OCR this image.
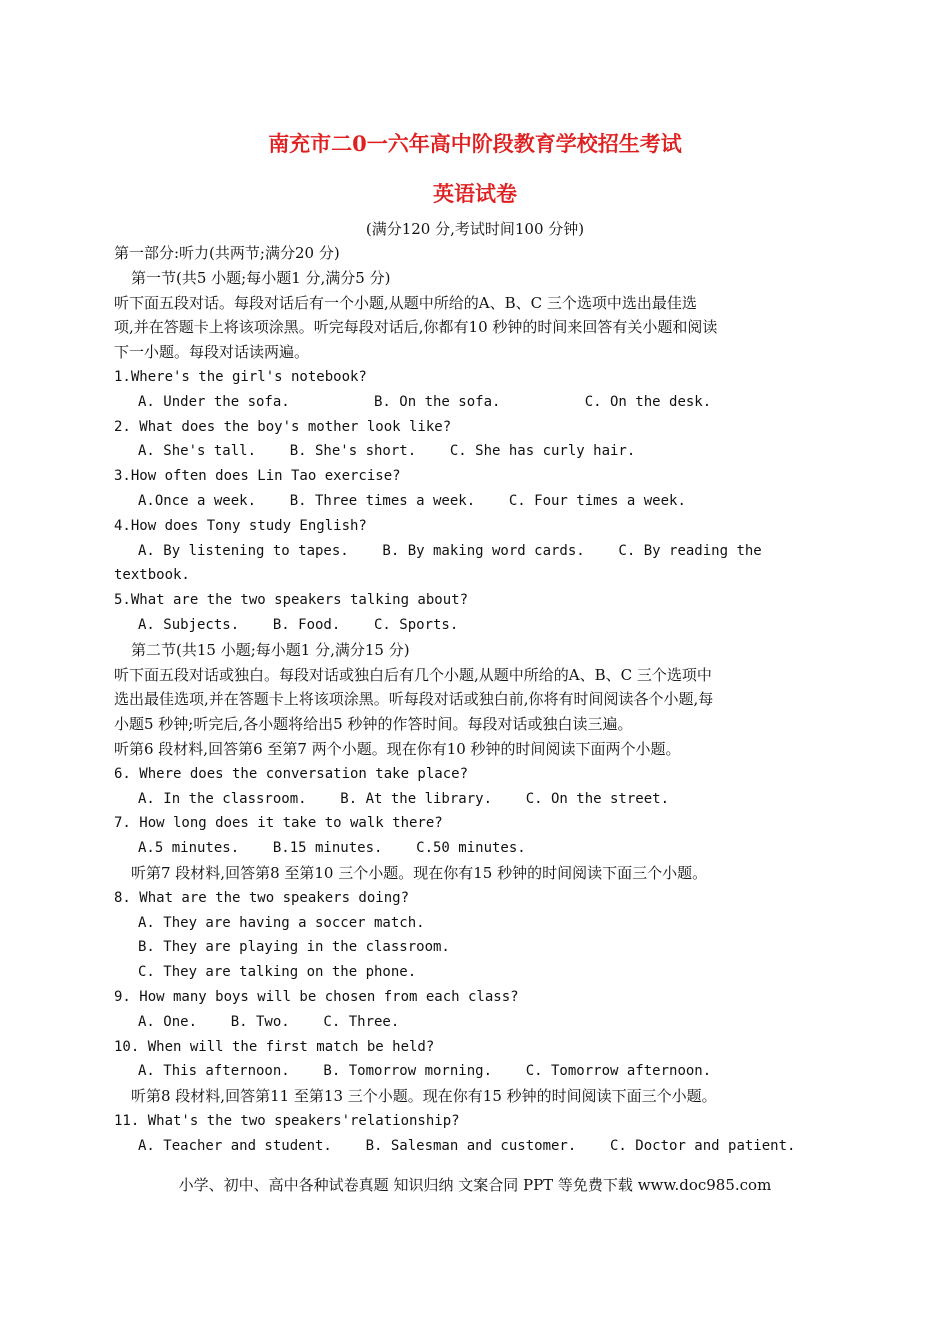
南充市二0一六年高中阶段教育学校招生考试
英语试卷
(满分120 分,考试时间100 分钟)
第一部分:听力(共两节;满分20 分)
第一节(共5 小题;每小题1 分,满分5 分)
听下面五段对话。每段对话后有一个小题,从题中所给的A、B、C 三个选项中选出最佳选
项,并在答题卡上将该项涂黑。听完每段对话后,你都有10 秒钟的时间来回答有关小题和阅读
下一小题。每段对话读两遍。
1.Where's the girl's notebook?
A. Under the sofa.          B. On the sofa.          C. On the desk.
2. What does the boy's mother look like?
A. She's tall.    B. She's short.    C. She has curly hair.
3.How often does Lin Tao exercise?
A.Once a week.    B. Three times a week.    C. Four times a week.
4.How does Tony study English?
A. By listening to tapes.    B. By making word cards.    C. By reading the
textbook.
5.What are the two speakers talking about?
A. Subjects.    B. Food.    C. Sports.
第二节(共15 小题;每小题1 分,满分15 分)
听下面五段对话或独白。每段对话或独白后有几个小题,从题中所给的A、B、C 三个选项中
选出最佳选项,并在答题卡上将该项涂黑。听每段对话或独白前,你将有时间阅读各个小题,每
小题5 秒钟;听完后,各小题将给出5 秒钟的作答时间。每段对话或独白读三遍。
听第6 段材料,回答第6 至第7 两个小题。现在你有10 秒钟的时间阅读下面两个小题。
6. Where does the conversation take place?
A. In the classroom.    B. At the library.    C. On the street.
7. How long does it take to walk there?
A.5 minutes.    B.15 minutes.    C.50 minutes.
听第7 段材料,回答第8 至第10 三个小题。现在你有15 秒钟的时间阅读下面三个小题。
8. What are the two speakers doing?
A. They are having a soccer match.
B. They are playing in the classroom.
C. They are talking on the phone.
9. How many boys will be chosen from each class?
A. One.    B. Two.    C. Three.
10. When will the first match be held?
A. This afternoon.    B. Tomorrow morning.    C. Tomorrow afternoon.
听第8 段材料,回答第11 至第13 三个小题。现在你有15 秒钟的时间阅读下面三个小题。
11. What's the two speakers'relationship?
A. Teacher and student.    B. Salesman and customer.    C. Doctor and patient.
小学、初中、高中各种试卷真题 知识归纳 文案合同 PPT 等免费下载 www.doc985.com
